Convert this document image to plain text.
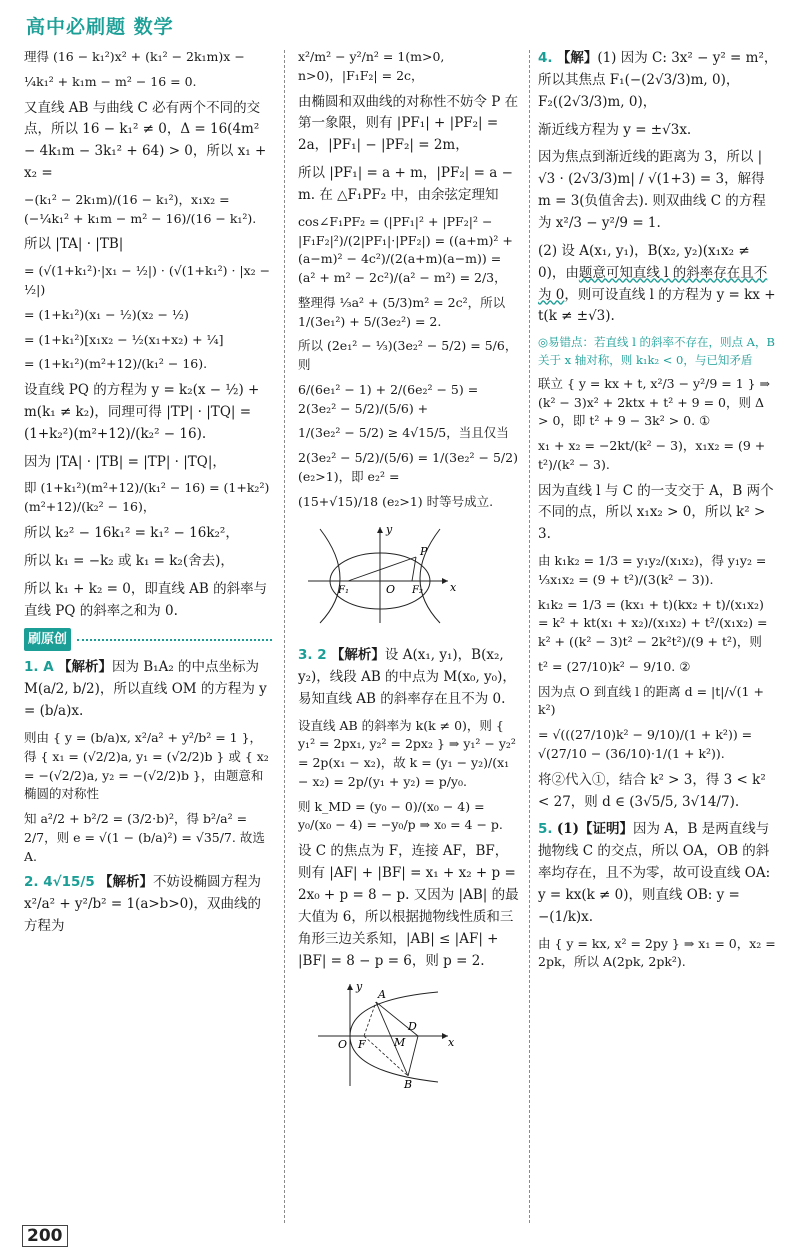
高中必刷题 数学

理得 (16 − k₁²)x² + (k₁² − 2k₁m)x −

¼k₁² + k₁m − m² − 16 = 0.

又直线 AB 与曲线 C 必有两个不同的交点，所以 16 − k₁² ≠ 0，Δ = 16(4m² − 4k₁m − 3k₁² + 64) > 0，所以 x₁ + x₂ =

−(k₁² − 2k₁m)/(16 − k₁²)，x₁x₂ = (−¼k₁² + k₁m − m² − 16)/(16 − k₁²).

所以 |TA| · |TB|

= (√(1+k₁²)·|x₁ − ½|) · (√(1+k₁²) · |x₂ − ½|)

= (1+k₁²)(x₁ − ½)(x₂ − ½)

= (1+k₁²)[x₁x₂ − ½(x₁+x₂) + ¼]

= (1+k₁²)(m²+12)/(k₁² − 16).

设直线 PQ 的方程为 y = k₂(x − ½) + m(k₁ ≠ k₂)，同理可得 |TP| · |TQ| = (1+k₂²)(m²+12)/(k₂² − 16).

因为 |TA| · |TB| = |TP| · |TQ|，

即 (1+k₁²)(m²+12)/(k₁² − 16) = (1+k₂²)(m²+12)/(k₂² − 16)，

所以 k₂² − 16k₁² = k₁² − 16k₂²，

所以 k₁ = −k₂ 或 k₁ = k₂(舍去)，

所以 k₁ + k₂ = 0，即直线 AB 的斜率与直线 PQ 的斜率之和为 0.

刷原创

1. A 【解析】因为 B₁A₂ 的中点坐标为 M(a/2, b/2)，所以直线 OM 的方程为 y = (b/a)x.

则由 { y = (b/a)x, x²/a² + y²/b² = 1 }，得 { x₁ = (√2/2)a, y₁ = (√2/2)b } 或 { x₂ = −(√2/2)a, y₂ = −(√2/2)b }，由题意和椭圆的对称性

知 a²/2 + b²/2 = (3/2·b)²，得 b²/a² = 2/7，则 e = √(1 − (b/a)²) = √35/7. 故选 A.

2. 4√15/5 【解析】不妨设椭圆方程为 x²/a² + y²/b² = 1(a>b>0)，双曲线的方程为

x²/m² − y²/n² = 1(m>0, n>0)，|F₁F₂| = 2c，

由椭圆和双曲线的对称性不妨令 P 在第一象限，则有 |PF₁| + |PF₂| = 2a，|PF₁| − |PF₂| = 2m，

所以 |PF₁| = a + m，|PF₂| = a − m. 在 △F₁PF₂ 中，由余弦定理知

cos∠F₁PF₂ = (|PF₁|² + |PF₂|² − |F₁F₂|²)/(2|PF₁|·|PF₂|) = ((a+m)² + (a−m)² − 4c²)/(2(a+m)(a−m)) = (a² + m² − 2c²)/(a² − m²) = 2/3，

整理得 ⅓a² + (5/3)m² = 2c²，所以 1/(3e₁²) + 5/(3e₂²) = 2.

所以 (2e₁² − ⅓)(3e₂² − 5/2) = 5/6，则

6/(6e₁² − 1) + 2/(6e₂² − 5) = 2(3e₂² − 5/2)/(5/6) +

1/(3e₂² − 5/2) ≥ 4√15/5，当且仅当

2(3e₂² − 5/2)/(5/6) = 1/(3e₂² − 5/2)(e₂>1)，即 e₂² =

(15+√15)/18 (e₂>1) 时等号成立.

P
O
F₁	F₂ x
y

3. 2 【解析】设 A(x₁, y₁)，B(x₂, y₂)，线段 AB 的中点为 M(x₀, y₀)，易知直线 AB 的斜率存在且不为 0.

设直线 AB 的斜率为 k(k ≠ 0)，则 { y₁² = 2px₁, y₂² = 2px₂ } ⇒ y₁² − y₂² = 2p(x₁ − x₂)，故 k = (y₁ − y₂)/(x₁ − x₂) = 2p/(y₁ + y₂) = p/y₀.

则 k_MD = (y₀ − 0)/(x₀ − 4) = y₀/(x₀ − 4) = −y₀/p ⇒ x₀ = 4 − p.

设 C 的焦点为 F，连接 AF，BF，则有 |AF| + |BF| = x₁ + x₂ + p = 2x₀ + p = 8 − p. 又因为 |AB| 的最大值为 6，所以根据抛物线性质和三角形三边关系知，|AB| ≤ |AF| + |BF| = 8 − p = 6，则 p = 2.

A
B
D
M
F
O	x
y

4. 【解】(1) 因为 C: 3x² − y² = m²，所以其焦点 F₁(−(2√3/3)m, 0)，F₂((2√3/3)m, 0)，

渐近线方程为 y = ±√3x.

因为焦点到渐近线的距离为 3，所以 |√3 · (2√3/3)m| / √(1+3) = 3，解得 m = 3(负值舍去). 则双曲线 C 的方程为 x²/3 − y²/9 = 1.

(2) 设 A(x₁, y₁)，B(x₂, y₂)(x₁x₂ ≠ 0)，由题意可知直线 l 的斜率存在且不为 0，则可设直线 l 的方程为 y = kx + t(k ≠ ±√3).

◎易错点：若直线 l 的斜率不存在，则点 A，B 关于 x 轴对称，则 k₁k₂ < 0，与已知矛盾

联立 { y = kx + t, x²/3 − y²/9 = 1 } ⇒ (k² − 3)x² + 2ktx + t² + 9 = 0，则 Δ > 0，即 t² + 9 − 3k² > 0. ①

x₁ + x₂ = −2kt/(k² − 3)，x₁x₂ = (9 + t²)/(k² − 3).

因为直线 l 与 C 的一支交于 A，B 两个不同的点，所以 x₁x₂ > 0，所以 k² > 3.

由 k₁k₂ = 1/3 = y₁y₂/(x₁x₂)，得 y₁y₂ = ⅓x₁x₂ = (9 + t²)/(3(k² − 3)).

k₁k₂ = 1/3 = (kx₁ + t)(kx₂ + t)/(x₁x₂) = k² + kt(x₁ + x₂)/(x₁x₂) + t²/(x₁x₂) = k² + ((k² − 3)t² − 2k²t²)/(9 + t²)，则

t² = (27/10)k² − 9/10. ②

因为点 O 到直线 l 的距离 d = |t|/√(1 + k²)

= √(((27/10)k² − 9/10)/(1 + k²)) = √(27/10 − (36/10)·1/(1 + k²)).

将②代入①，结合 k² > 3，得 3 < k² < 27，则 d ∈ (3√5/5, 3√14/7).

5. (1)【证明】因为 A，B 是两直线与抛物线 C 的交点，所以 OA，OB 的斜率均存在，且不为零，故可设直线 OA: y = kx(k ≠ 0)，则直线 OB: y = −(1/k)x.

由 { y = kx, x² = 2py } ⇒ x₁ = 0，x₂ = 2pk，所以 A(2pk, 2pk²).

200
